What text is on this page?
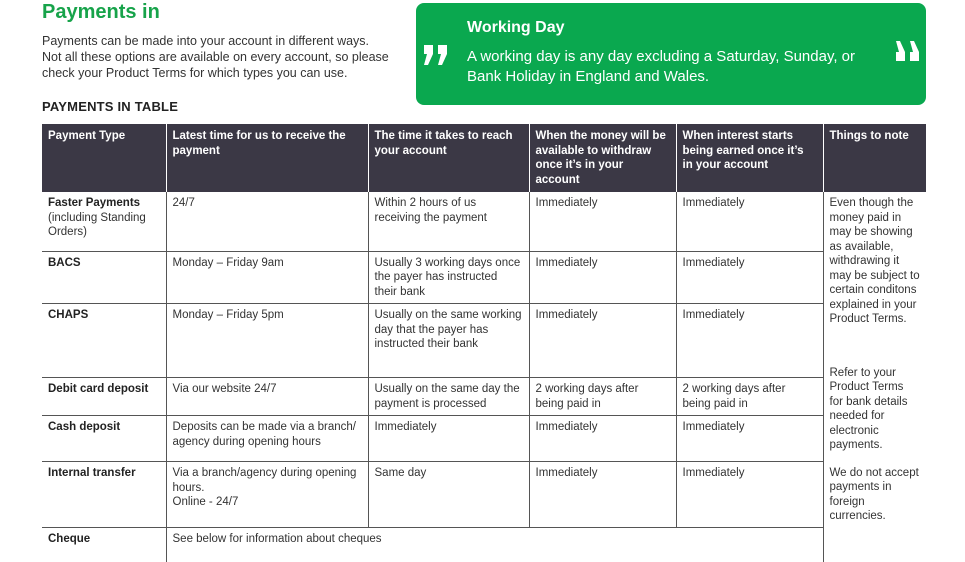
Payments in
Payments can be made into your account in different ways.
Not all these options are available on every account, so please
check your Product Terms for which types you can use.
PAYMENTS IN TABLE
Working Day
A working day is any day excluding a Saturday, Sunday, or Bank Holiday in England and Wales.
Payment Type	Latest time for us to receive the payment	The time it takes to reach your account	When the money will be available to withdraw once it’s in your account	When interest starts being earned once it’s in your account	Things to note

Faster Payments
(including Standing Orders)	24/7	Within 2 hours of us receiving the payment	Immediately	Immediately	Even though the money paid in may be showing as available, withdrawing it may be subject to certain conditons explained in your Product Terms.

BACS	Monday – Friday 9am	Usually 3 working days once the payer has instructed their bank	Immediately	Immediately	

CHAPS	Monday – Friday 5pm	Usually on the same working day that the payer has instructed their bank	Immediately	Immediately	

Debit card deposit	Via our website 24/7	Usually on the same day the payment is processed	2 working days after being paid in	2 working days after being paid in	Refer to your Product Terms for bank details needed for electronic payments.

Cash deposit	Deposits can be made via a branch/ agency during opening hours	Immediately	Immediately	Immediately	

Internal transfer	Via a branch/agency during opening hours.
Online - 24/7	Same day	Immediately	Immediately	We do not accept payments in foreign currencies.

Cheque	See below for information about cheques				
